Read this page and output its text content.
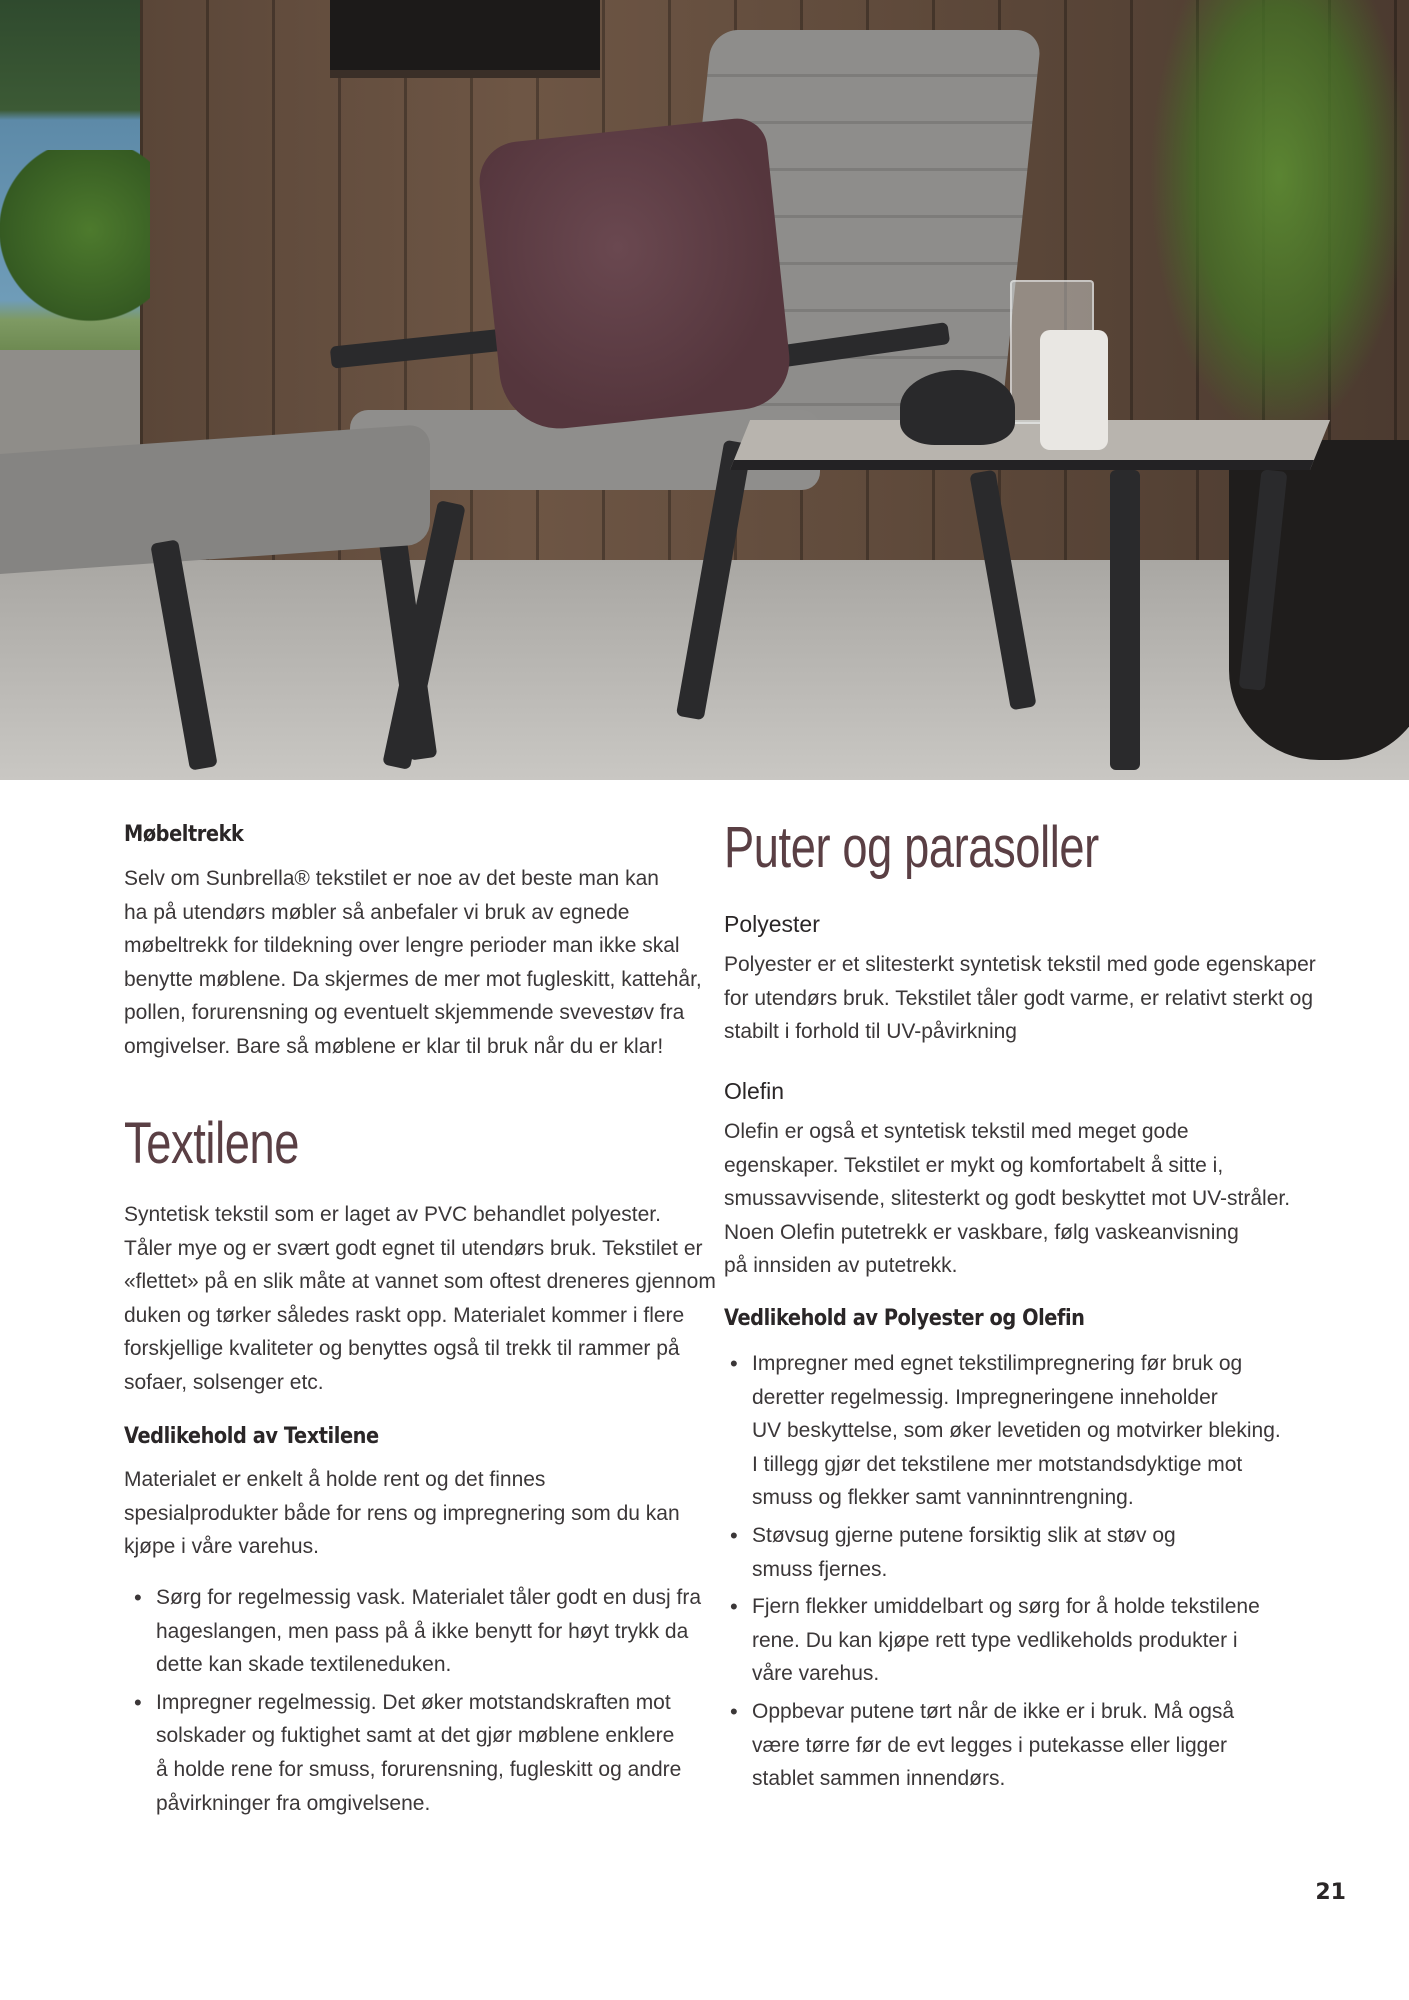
Møbeltrekk
Selv om Sunbrella® tekstilet er noe av det beste man kan
ha på utendørs møbler så anbefaler vi bruk av egnede
møbeltrekk for tildekning over lengre perioder man ikke skal
benytte møblene. Da skjermes de mer mot fugleskitt, kattehår,
pollen, forurensning og eventuelt skjemmende svevestøv fra
omgivelser. Bare så møblene er klar til bruk når du er klar!
Textilene
Syntetisk tekstil som er laget av PVC behandlet polyester.
Tåler mye og er svært godt egnet til utendørs bruk. Tekstilet er
«flettet» på en slik måte at vannet som oftest dreneres gjennom
duken og tørker således raskt opp. Materialet kommer i flere
forskjellige kvaliteter og benyttes også til trekk til rammer på
sofaer, solsenger etc.
Vedlikehold av Textilene
Materialet er enkelt å holde rent og det finnes
spesialprodukter både for rens og impregnering som du kan
kjøpe i våre varehus.
• Sørg for regelmessig vask. Materialet tåler godt en dusj fra
hageslangen, men pass på å ikke benytt for høyt trykk da
dette kan skade textileneduken.
• Impregner regelmessig. Det øker motstandskraften mot
solskader og fuktighet samt at det gjør møblene enklere
å holde rene for smuss, forurensning, fugleskitt og andre
påvirkninger fra omgivelsene.
Puter og parasoller
Polyester
Polyester er et slitesterkt syntetisk tekstil med gode egenskaper
for utendørs bruk. Tekstilet tåler godt varme, er relativt sterkt og
stabilt i forhold til UV-påvirkning
Olefin
Olefin er også et syntetisk tekstil med meget gode
egenskaper. Tekstilet er mykt og komfortabelt å sitte i,
smussavvisende, slitesterkt og godt beskyttet mot UV-stråler.
Noen Olefin putetrekk er vaskbare, følg vaskeanvisning
på innsiden av putetrekk.
Vedlikehold av Polyester og Olefin
• Impregner med egnet tekstilimpregnering før bruk og
deretter regelmessig. Impregneringene inneholder
UV beskyttelse, som øker levetiden og motvirker bleking.
I tillegg gjør det tekstilene mer motstandsdyktige mot
smuss og flekker samt vanninntrengning.
• Støvsug gjerne putene forsiktig slik at støv og
smuss fjernes.
• Fjern flekker umiddelbart og sørg for å holde tekstilene
rene. Du kan kjøpe rett type vedlikeholds produkter i
våre varehus.
• Oppbevar putene tørt når de ikke er i bruk. Må også
være tørre før de evt legges i putekasse eller ligger
stablet sammen innendørs.
21
